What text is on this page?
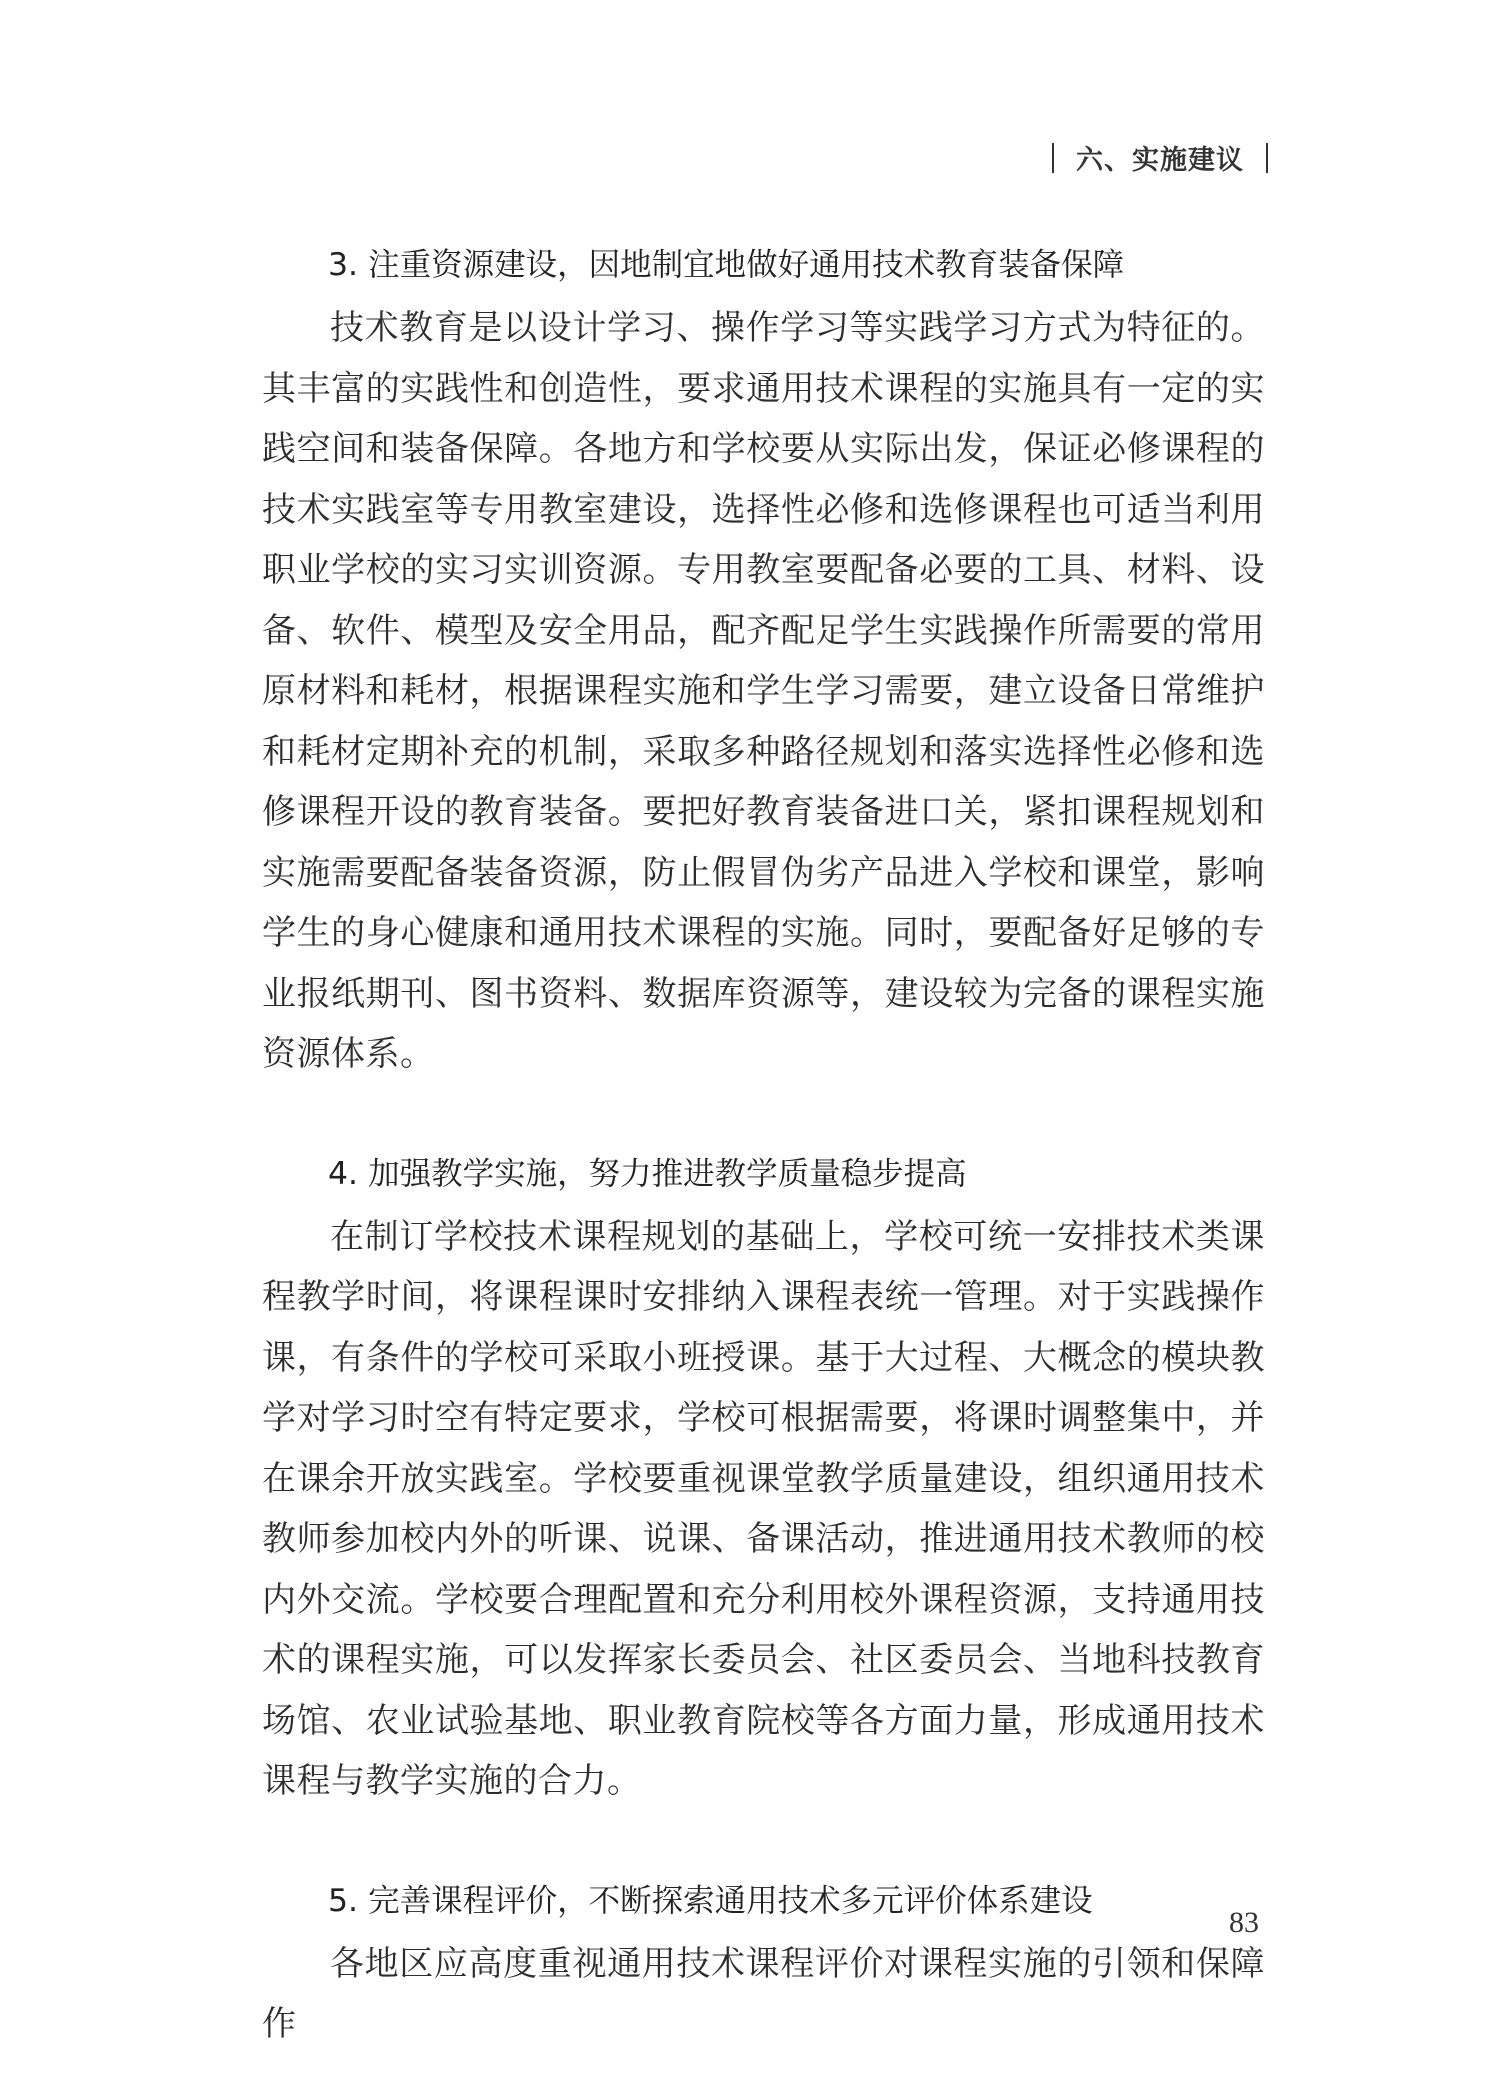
六、实施建议
3. 注重资源建设，因地制宜地做好通用技术教育装备保障

技术教育是以设计学习、操作学习等实践学习方式为特征的。其丰富的实践性和创造性，要求通用技术课程的实施具有一定的实践空间和装备保障。各地方和学校要从实际出发，保证必修课程的技术实践室等专用教室建设，选择性必修和选修课程也可适当利用职业学校的实习实训资源。专用教室要配备必要的工具、材料、设备、软件、模型及安全用品，配齐配足学生实践操作所需要的常用原材料和耗材，根据课程实施和学生学习需要，建立设备日常维护和耗材定期补充的机制，采取多种路径规划和落实选择性必修和选修课程开设的教育装备。要把好教育装备进口关，紧扣课程规划和实施需要配备装备资源，防止假冒伪劣产品进入学校和课堂，影响学生的身心健康和通用技术课程的实施。同时，要配备好足够的专业报纸期刊、图书资料、数据库资源等，建设较为完备的课程实施资源体系。

4. 加强教学实施，努力推进教学质量稳步提高

在制订学校技术课程规划的基础上，学校可统一安排技术类课程教学时间，将课程课时安排纳入课程表统一管理。对于实践操作课，有条件的学校可采取小班授课。基于大过程、大概念的模块教学对学习时空有特定要求，学校可根据需要，将课时调整集中，并在课余开放实践室。学校要重视课堂教学质量建设，组织通用技术教师参加校内外的听课、说课、备课活动，推进通用技术教师的校内外交流。学校要合理配置和充分利用校外课程资源，支持通用技术的课程实施，可以发挥家长委员会、社区委员会、当地科技教育场馆、农业试验基地、职业教育院校等各方面力量，形成通用技术课程与教学实施的合力。

5. 完善课程评价，不断探索通用技术多元评价体系建设

各地区应高度重视通用技术课程评价对课程实施的引领和保障作

83
